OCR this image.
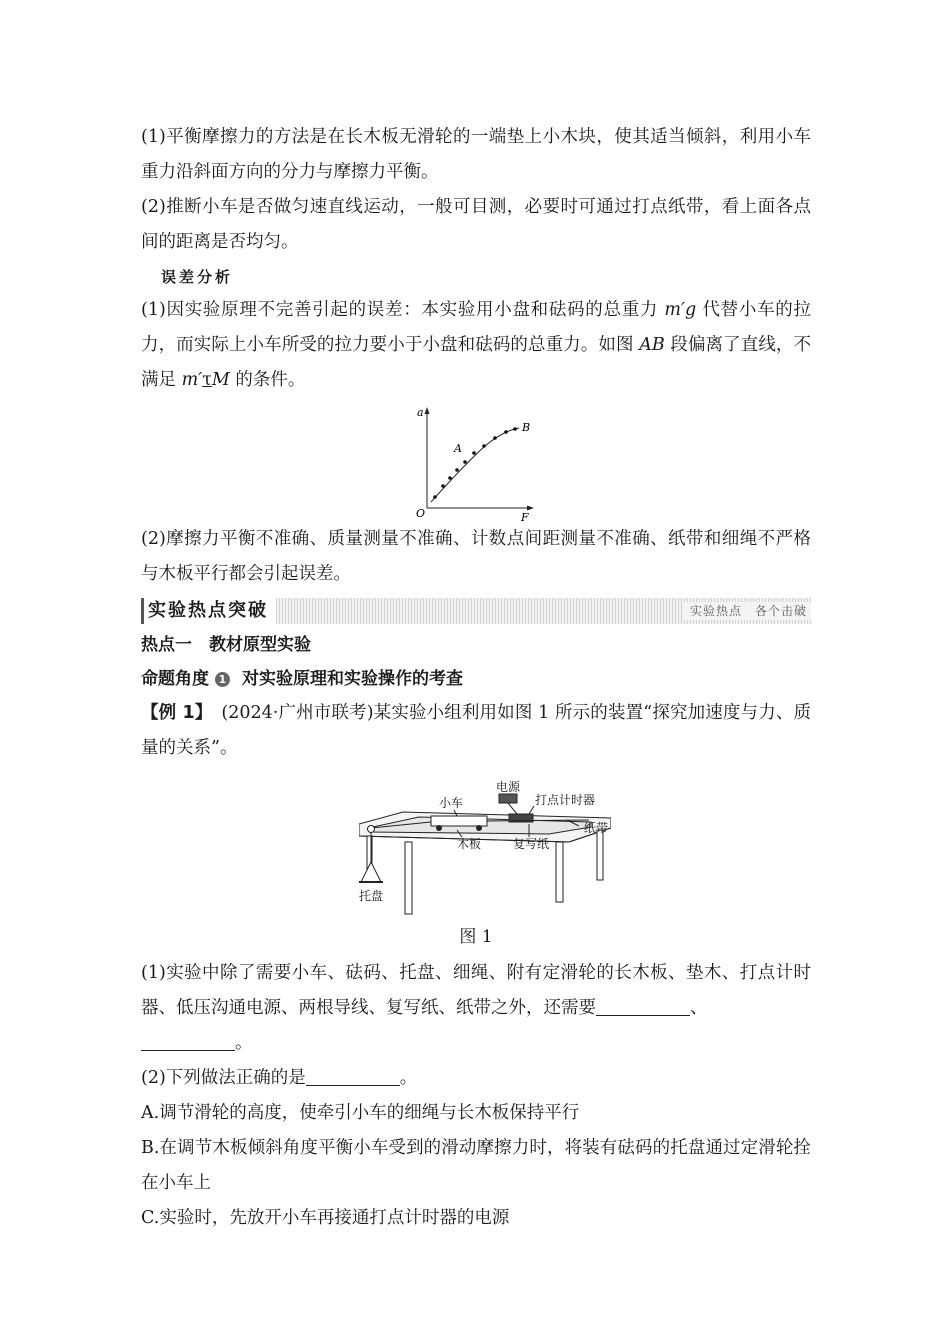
(1)平衡摩擦力的方法是在长木板无滑轮的一端垫上小木块，使其适当倾斜，利用小车重力沿斜面方向的分力与摩擦力平衡。

(2)推断小车是否做匀速直线运动，一般可目测，必要时可通过打点纸带，看上面各点间的距离是否均匀。

误差分析

(1)因实验原理不完善引起的误差：本实验用小盘和砝码的总重力 m′g 代替小车的拉力，而实际上小车所受的拉力要小于小盘和砝码的总重力。如图 AB 段偏离了直线，不满足 m′τM 的条件。

a
F
O
A
B

(2)摩擦力平衡不准确、质量测量不准确、计数点间距测量不准确、纸带和细绳不严格与木板平行都会引起误差。

实验热点突破	实验热点　各个击破
热点一　教材原型实验
命题角度 1 对实验原理和实验操作的考查

【例 1】　 (2024·广州市联考)某实验小组利用如图 1 所示的装置“探究加速度与力、质量的关系”。

电源
打点计时器
小车
纸带
木板	复写纸
托盘
图 1

(1)实验中除了需要小车、砝码、托盘、细绳、附有定滑轮的长木板、垫木、打点计时器、低压沟通电源、两根导线、复写纸、纸带之外，还需要	、
。

(2)下列做法正确的是	。

A.调节滑轮的高度，使牵引小车的细绳与长木板保持平行

B.在调节木板倾斜角度平衡小车受到的滑动摩擦力时，将装有砝码的托盘通过定滑轮拴在小车上

C.实验时，先放开小车再接通打点计时器的电源
